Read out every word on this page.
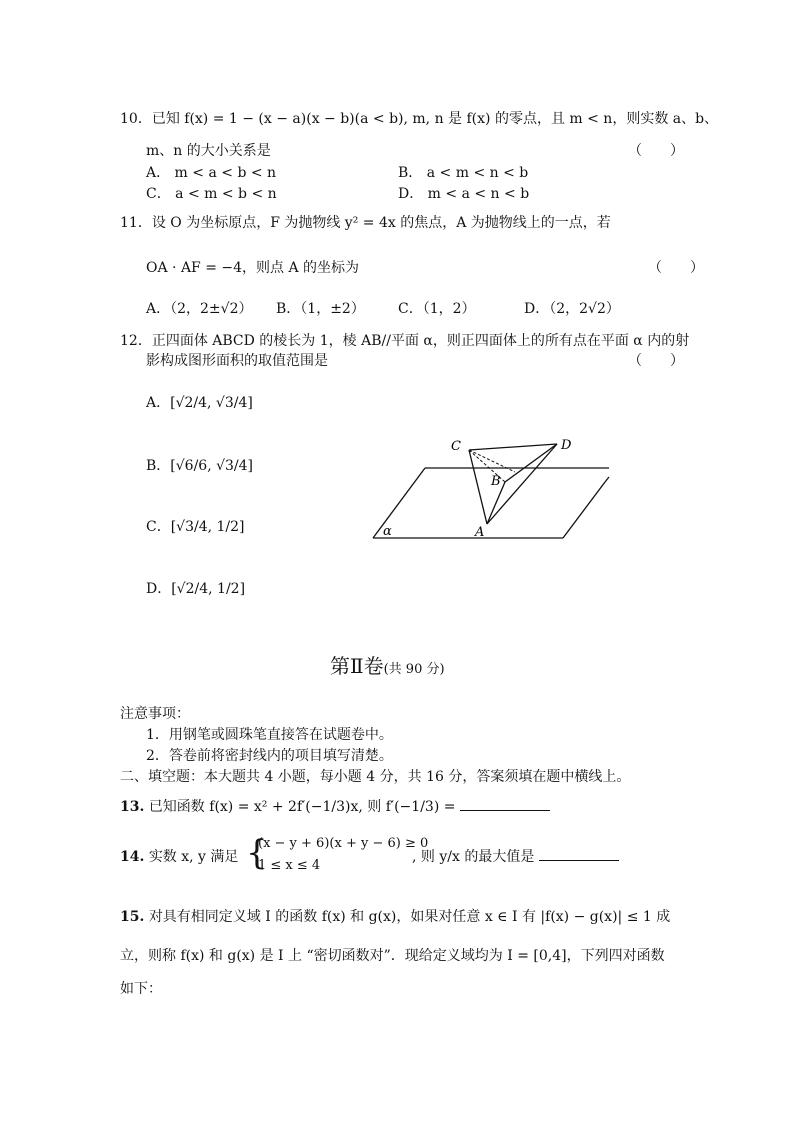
10．已知 f(x) = 1 − (x − a)(x − b)(a < b), m, n 是 f(x) 的零点，且 m < n，则实数 a、b、
m、n 的大小关系是	（　　）
A． m < a < b < n	B． a < m < n < b
C． a < m < b < n	D． m < a < n < b
11．设 O 为坐标原点，F 为抛物线 y² = 4x 的焦点，A 为抛物线上的一点，若
OA · AF = −4，则点 A 的坐标为	（　　）
A．（2，2±√2） B．（1，±2） C．（1，2）	D．（2，2√2）
12．正四面体 ABCD 的棱长为 1，棱 AB//平面 α，则正四面体上的所有点在平面 α 内的射
影构成图形面积的取值范围是	（　　）
A．[√2/4, √3/4]
B．[√6/6, √3/4]
C．[√3/4, 1/2]
D．[√2/4, 1/2]
C	D
B
A
α
第Ⅱ卷(共 90 分)
注意事项：
1．用钢笔或圆珠笔直接答在试题卷中。
2．答卷前将密封线内的项目填写清楚。
二、填空题：本大题共 4 小题，每小题 4 分，共 16 分，答案须填在题中横线上。
13. 已知函数 f(x) = x² + 2f′(−1/3)x, 则 f′(−1/3) =
14. 实数 x, y 满足 {
(x − y + 6)(x + y − 6) ≥ 0
1 ≤ x ≤ 4
, 则 y/x 的最大值是
15. 对具有相同定义域 I 的函数 f(x) 和 g(x)，如果对任意 x ∈ I 有 |f(x) − g(x)| ≤ 1 成
立，则称 f(x) 和 g(x) 是 I 上 “密切函数对”．现给定义域均为 I = [0,4]，下列四对函数
如下：
